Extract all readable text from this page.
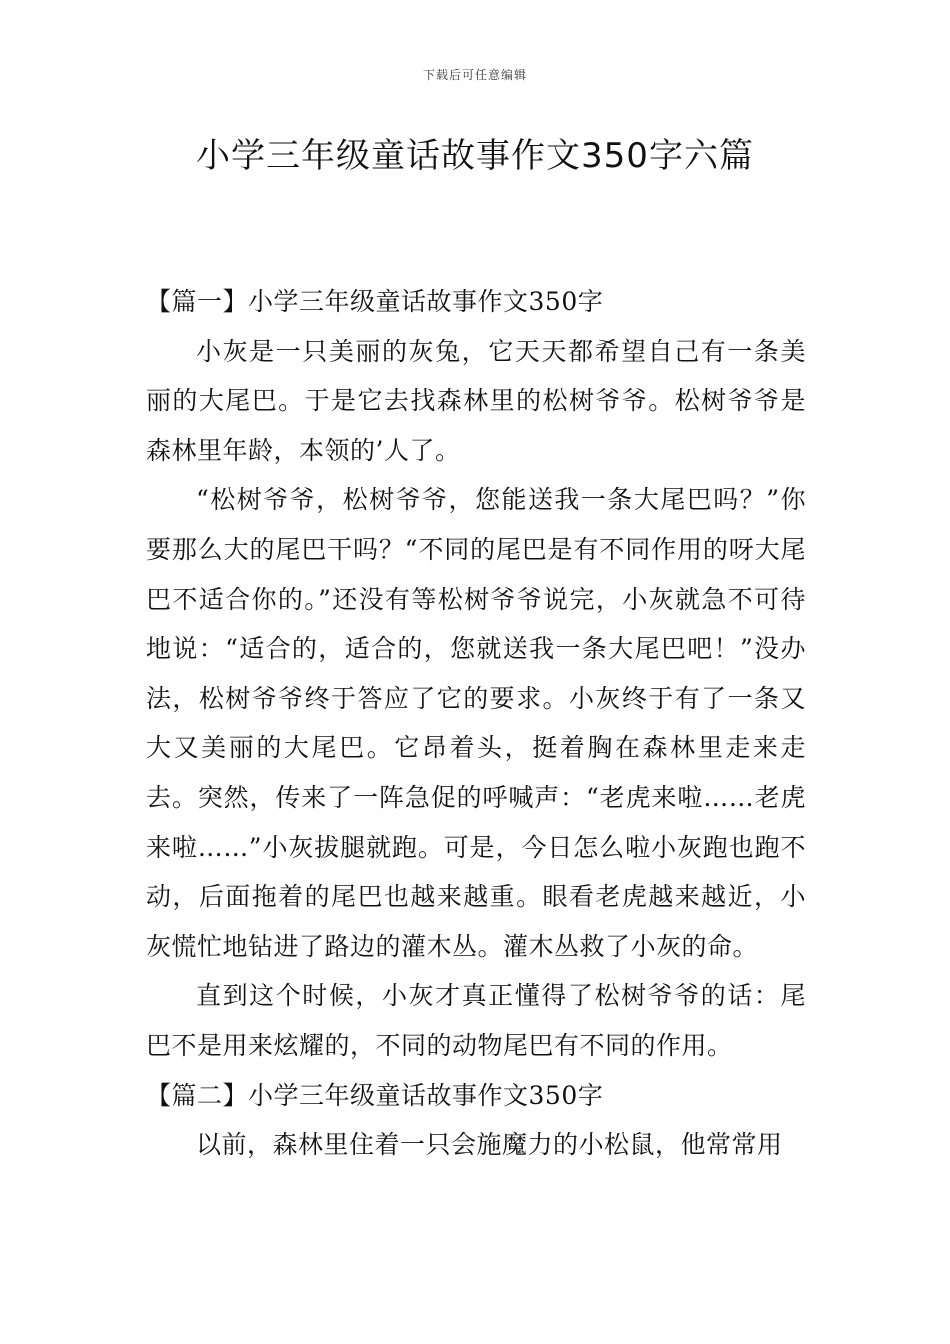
下载后可任意编辑
小学三年级童话故事作文350字六篇

【篇一】小学三年级童话故事作文350字

小灰是一只美丽的灰兔，它天天都希望自己有一条美丽的大尾巴。于是它去找森林里的松树爷爷。松树爷爷是森林里年龄，本领的’人了。

“松树爷爷，松树爷爷，您能送我一条大尾巴吗？”你要那么大的尾巴干吗？“不同的尾巴是有不同作用的呀大尾巴不适合你的。”还没有等松树爷爷说完，小灰就急不可待地说：“适合的，适合的，您就送我一条大尾巴吧！”没办法，松树爷爷终于答应了它的要求。小灰终于有了一条又大又美丽的大尾巴。它昂着头，挺着胸在森林里走来走去。突然，传来了一阵急促的呼喊声：“老虎来啦……老虎来啦……”小灰拔腿就跑。可是，今日怎么啦小灰跑也跑不动，后面拖着的尾巴也越来越重。眼看老虎越来越近，小灰慌忙地钻进了路边的灌木丛。灌木丛救了小灰的命。

直到这个时候，小灰才真正懂得了松树爷爷的话：尾巴不是用来炫耀的，不同的动物尾巴有不同的作用。

【篇二】小学三年级童话故事作文350字

以前，森林里住着一只会施魔力的小松鼠，他常常用
